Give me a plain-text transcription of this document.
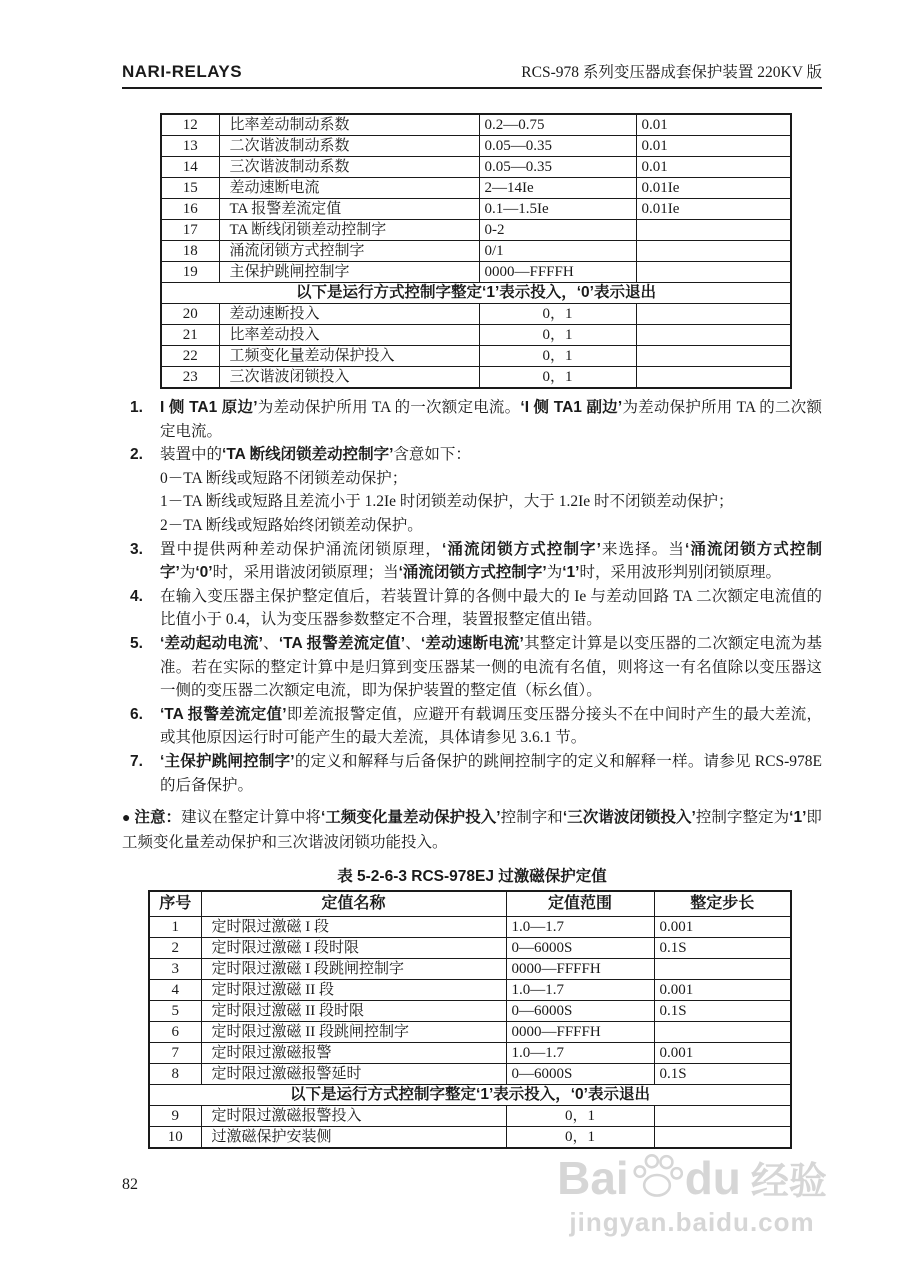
NARI-RELAYS	RCS-978 系列变压器成套保护装置 220KV 版
12	比率差动制动系数	0.2—0.75	0.01
13	二次谐波制动系数	0.05—0.35	0.01
14	三次谐波制动系数	0.05—0.35	0.01
15	差动速断电流	2—14Ie	0.01Ie
16	TA 报警差流定值	0.1—1.5Ie	0.01Ie
17	TA 断线闭锁差动控制字	0-2	
18	涌流闭锁方式控制字	0/1	
19	主保护跳闸控制字	0000—FFFFH	
以下是运行方式控制字整定‘1’表示投入，‘0’表示退出			
20	差动速断投入	0，1	
21	比率差动投入	0，1	
22	工频变化量差动保护投入	0，1	
23	三次谐波闭锁投入	0，1	
1. I 侧 TA1 原边’为差动保护所用 TA 的一次额定电流。‘I 侧 TA1 副边’为差动保护所用 TA 的二次额定电流。
2. 装置中的‘TA 断线闭锁差动控制字’含意如下：
0－TA 断线或短路不闭锁差动保护；
1－TA 断线或短路且差流小于 1.2Ie 时闭锁差动保护，大于 1.2Ie 时不闭锁差动保护；
2－TA 断线或短路始终闭锁差动保护。
3. 置中提供两种差动保护涌流闭锁原理，‘涌流闭锁方式控制字’来选择。当‘涌流闭锁方式控制字’为‘0’时，采用谐波闭锁原理；当‘涌流闭锁方式控制字’为‘1’时，采用波形判别闭锁原理。
4. 在输入变压器主保护整定值后，若装置计算的各侧中最大的 Ie 与差动回路 TA 二次额定电流值的比值小于 0.4，认为变压器参数整定不合理，装置报整定值出错。
5. ‘差动起动电流’、‘TA 报警差流定值’、‘差动速断电流’其整定计算是以变压器的二次额定电流为基准。若在实际的整定计算中是归算到变压器某一侧的电流有名值，则将这一有名值除以变压器这一侧的变压器二次额定电流，即为保护装置的整定值（标幺值）。
6. ‘TA 报警差流定值’即差流报警定值，应避开有载调压变压器分接头不在中间时产生的最大差流，或其他原因运行时可能产生的最大差流，具体请参见 3.6.1 节。
7. ‘主保护跳闸控制字’的定义和解释与后备保护的跳闸控制字的定义和解释一样。请参见 RCS-978E 的后备保护。
● 注意：建议在整定计算中将‘工频变化量差动保护投入’控制字和‘三次谐波闭锁投入’控制字整定为‘1’即工频变化量差动保护和三次谐波闭锁功能投入。
表 5-2-6-3 RCS-978EJ 过激磁保护定值
序号	定值名称	定值范围	整定步长
1	定时限过激磁 I 段	1.0—1.7	0.001
2	定时限过激磁 I 段时限	0—6000S	0.1S
3	定时限过激磁 I 段跳闸控制字	0000—FFFFH	
4	定时限过激磁 II 段	1.0—1.7	0.001
5	定时限过激磁 II 段时限	0—6000S	0.1S
6	定时限过激磁 II 段跳闸控制字	0000—FFFFH	
7	定时限过激磁报警	1.0—1.7	0.001
8	定时限过激磁报警延时	0—6000S	0.1S
以下是运行方式控制字整定‘1’表示投入，‘0’表示退出			
9	定时限过激磁报警投入	0，1	
10	过激磁保护安装侧	0，1	
82	Bai du 经验
jingyan.baidu.com
